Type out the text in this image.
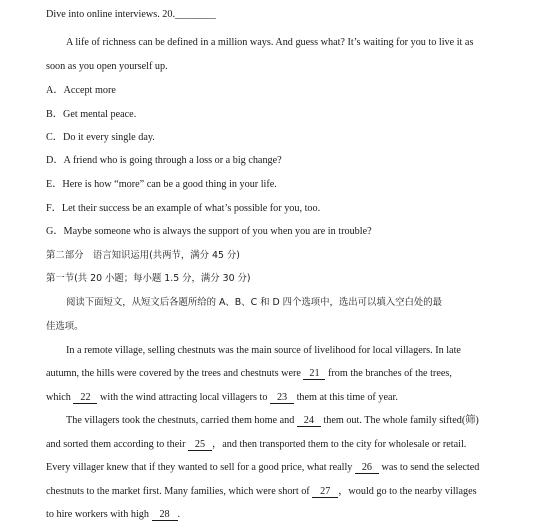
Dive into online interviews. 20.________
A life of richness can be defined in a million ways. And guess what? It’s waiting for you to live it as
soon as you open yourself up.
A．Accept more
B．Get mental peace.
C．Do it every single day.
D．A friend who is going through a loss or a big change?
E．Here is how “more” can be a good thing in your life.
F．Let their success be an example of what’s possible for you, too.
G．Maybe someone who is always the support of you when you are in trouble?
第二部分　语言知识运用(共两节，满分 45 分)
第一节(共 20 小题；每小题 1.5 分，满分 30 分)
阅读下面短文，从短文后各题所给的 A、B、C 和 D 四个选项中，选出可以填入空白处的最
佳选项。
In a remote village, selling chestnuts was the main source of livelihood for local villagers. In late
autumn, the hills were covered by the trees and chestnuts were 21 from the branches of the trees,
which 22 with the wind attracting local villagers to 23 them at this time of year.
The villagers took the chestnuts, carried them home and 24 them out. The whole family sifted(筛)
and sorted them according to their 25 ，and then transported them to the city for wholesale or retail.
Every villager knew that if they wanted to sell for a good price, what really 26 was to send the selected
chestnuts to the market first. Many families, which were short of 27 ，would go to the nearby villages
to hire workers with high 28 .
